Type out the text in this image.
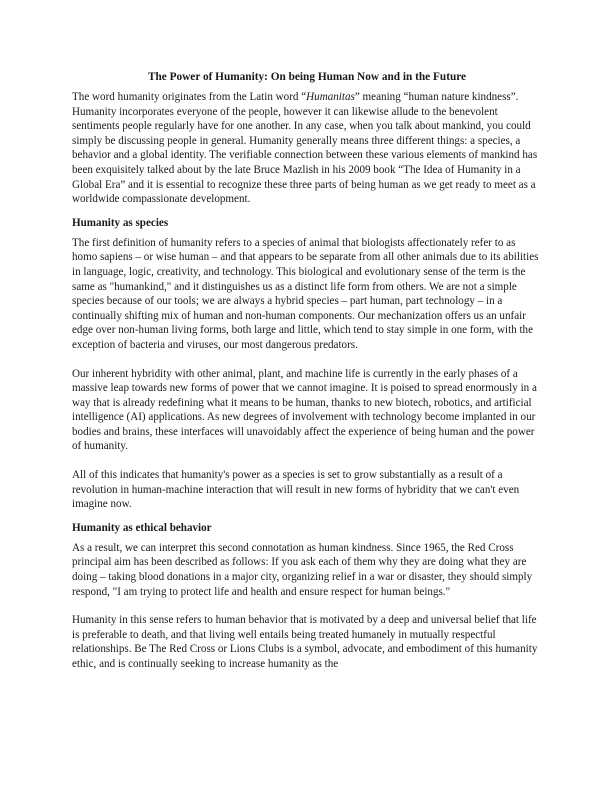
The Power of Humanity: On being Human Now and in the Future

The word humanity originates from the Latin word “Humanitas” meaning “human nature kindness”. Humanity incorporates everyone of the people, however it can likewise allude to the benevolent sentiments people regularly have for one another. In any case, when you talk about mankind, you could simply be discussing people in general. Humanity generally means three different things: a species, a behavior and a global identity. The verifiable connection between these various elements of mankind has been exquisitely talked about by the late Bruce Mazlish in his 2009 book “The Idea of Humanity in a Global Era” and it is essential to recognize these three parts of being human as we get ready to meet as a worldwide compassionate development.

Humanity as species

The first definition of humanity refers to a species of animal that biologists affectionately refer to as homo sapiens – or wise human – and that appears to be separate from all other animals due to its abilities in language, logic, creativity, and technology. This biological and evolutionary sense of the term is the same as "humankind," and it distinguishes us as a distinct life form from others. We are not a simple species because of our tools; we are always a hybrid species – part human, part technology – in a continually shifting mix of human and non-human components. Our mechanization offers us an unfair edge over non-human living forms, both large and little, which tend to stay simple in one form, with the exception of bacteria and viruses, our most dangerous predators.

Our inherent hybridity with other animal, plant, and machine life is currently in the early phases of a massive leap towards new forms of power that we cannot imagine. It is poised to spread enormously in a way that is already redefining what it means to be human, thanks to new biotech, robotics, and artificial intelligence (AI) applications. As new degrees of involvement with technology become implanted in our bodies and brains, these interfaces will unavoidably affect the experience of being human and the power of humanity.

All of this indicates that humanity's power as a species is set to grow substantially as a result of a revolution in human-machine interaction that will result in new forms of hybridity that we can't even imagine now.

Humanity as ethical behavior

As a result, we can interpret this second connotation as human kindness. Since 1965, the Red Cross principal aim has been described as follows: If you ask each of them why they are doing what they are doing – taking blood donations in a major city, organizing relief in a war or disaster, they should simply respond, "I am trying to protect life and health and ensure respect for human beings."

Humanity in this sense refers to human behavior that is motivated by a deep and universal belief that life is preferable to death, and that living well entails being treated humanely in mutually respectful relationships. Be The Red Cross or Lions Clubs is a symbol, advocate, and embodiment of this humanity ethic, and is continually seeking to increase humanity as the
